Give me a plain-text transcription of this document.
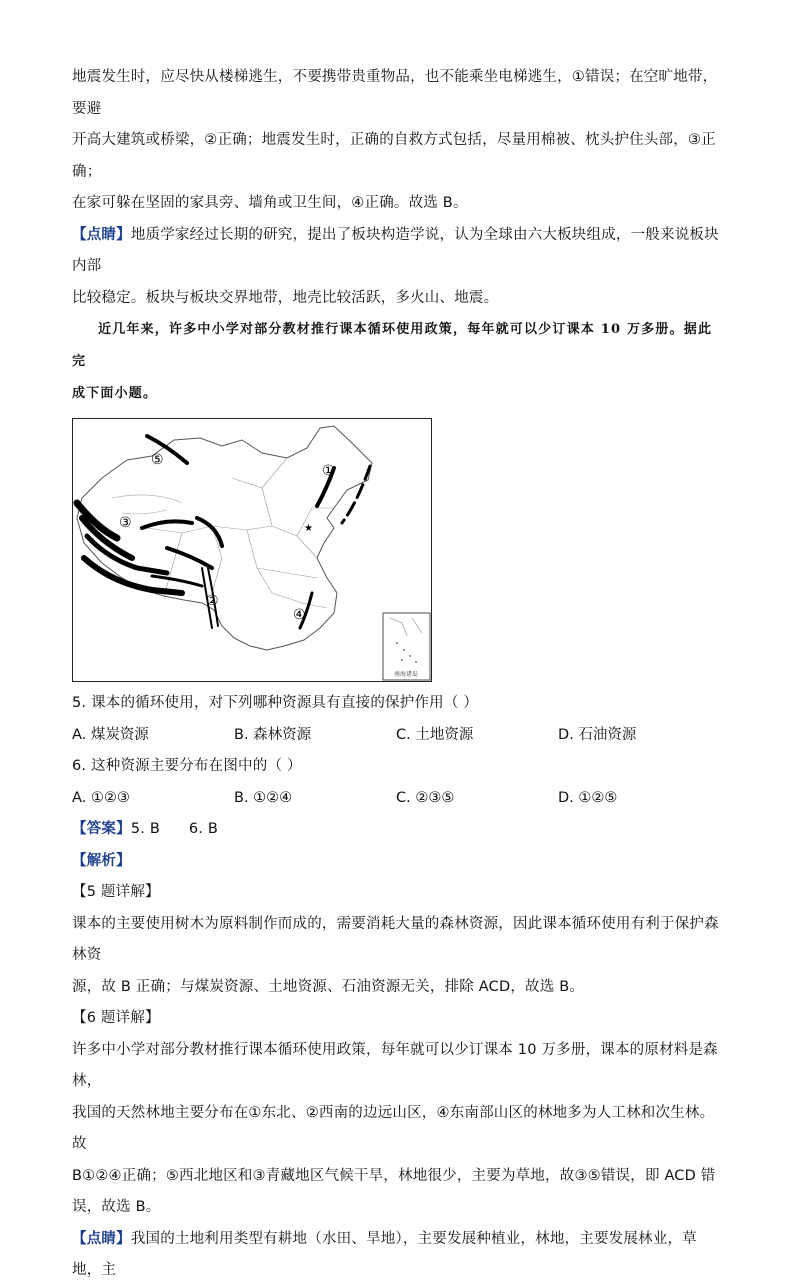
地震发生时，应尽快从楼梯逃生，不要携带贵重物品，也不能乘坐电梯逃生，①错误；在空旷地带，要避

开高大建筑或桥梁，②正确；地震发生时，正确的自救方式包括，尽量用棉被、枕头护住头部，③正确；

在家可躲在坚固的家具旁、墙角或卫生间，④正确。故选 B。

【点睛】地质学家经过长期的研究，提出了板块构造学说，认为全球由六大板块组成，一般来说板块内部

比较稳定。板块与板块交界地带，地壳比较活跃，多火山、地震。

近几年来，许多中小学对部分教材推行课本循环使用政策，每年就可以少订课本 10 万多册。据此完

成下面小题。

⑤
①
③
②
④
★
南海诸岛

5. 课本的循环使用，对下列哪种资源具有直接的保护作用（ ）

A. 煤炭资源	B. 森林资源	C. 土地资源	D. 石油资源

6. 这种资源主要分布在图中的（ ）

A. ①②③	B. ①②④	C. ②③⑤	D. ①②⑤

【答案】5. B      6. B

【解析】

【5 题详解】

课本的主要使用树木为原料制作而成的，需要消耗大量的森林资源，因此课本循环使用有利于保护森林资

源，故 B 正确；与煤炭资源、土地资源、石油资源无关，排除 ACD，故选 B。

【6 题详解】

许多中小学对部分教材推行课本循环使用政策，每年就可以少订课本 10 万多册，课本的原材料是森林，

我国的天然林地主要分布在①东北、②西南的边远山区，④东南部山区的林地多为人工林和次生林。故

B①②④正确；⑤西北地区和③青藏地区气候干旱，林地很少，主要为草地，故③⑤错误，即 ACD 错

误，故选 B。

【点睛】我国的土地利用类型有耕地（水田、旱地），主要发展种植业，林地，主要发展林业，草地，主
